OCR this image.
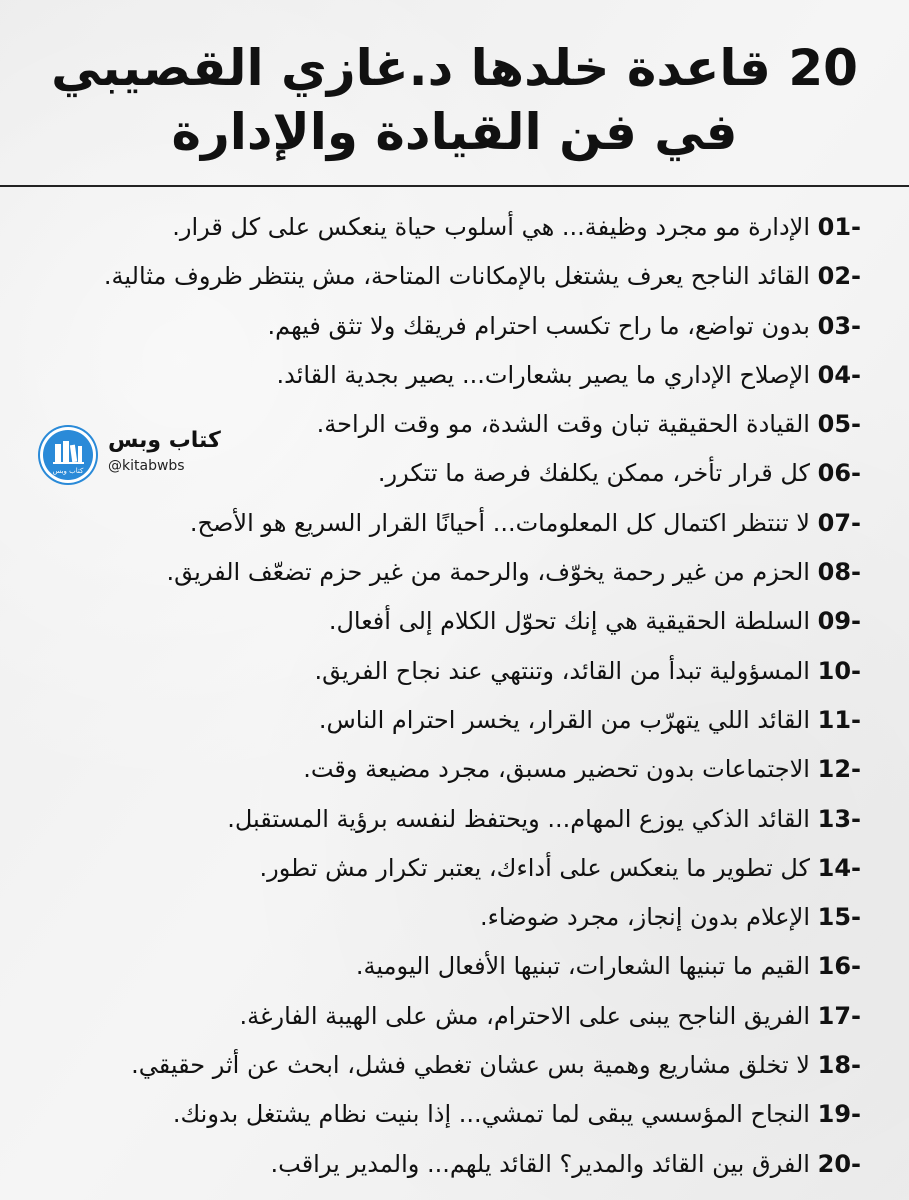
20 قاعدة خلدها د.غازي القصيبي
في فن القيادة والإدارة
01- الإدارة مو مجرد وظيفة... هي أسلوب حياة ينعكس على كل قرار.
02- القائد الناجح يعرف يشتغل بالإمكانات المتاحة، مش ينتظر ظروف مثالية.
03- بدون تواضع، ما راح تكسب احترام فريقك ولا تثق فيهم.
04- الإصلاح الإداري ما يصير بشعارات... يصير بجدية القائد.
05- القيادة الحقيقية تبان وقت الشدة، مو وقت الراحة.
06- كل قرار تأخر، ممكن يكلفك فرصة ما تتكرر.
07- لا تنتظر اكتمال كل المعلومات... أحيانًا القرار السريع هو الأصح.
08- الحزم من غير رحمة يخوّف، والرحمة من غير حزم تضعّف الفريق.
09- السلطة الحقيقية هي إنك تحوّل الكلام إلى أفعال.
10- المسؤولية تبدأ من القائد، وتنتهي عند نجاح الفريق.
11- القائد اللي يتهرّب من القرار، يخسر احترام الناس.
12- الاجتماعات بدون تحضير مسبق، مجرد مضيعة وقت.
13- القائد الذكي يوزع المهام... ويحتفظ لنفسه برؤية المستقبل.
14- كل تطوير ما ينعكس على أداءك، يعتبر تكرار مش تطور.
15- الإعلام بدون إنجاز، مجرد ضوضاء.
16- القيم ما تبنيها الشعارات، تبنيها الأفعال اليومية.
17- الفريق الناجح يبنى على الاحترام، مش على الهيبة الفارغة.
18- لا تخلق مشاريع وهمية بس عشان تغطي فشل، ابحث عن أثر حقيقي.
19- النجاح المؤسسي يبقى لما تمشي... إذا بنيت نظام يشتغل بدونك.
20- الفرق بين القائد والمدير؟ القائد يلهم... والمدير يراقب.
كتاب وبس
كتاب وبس
@kitabwbs
